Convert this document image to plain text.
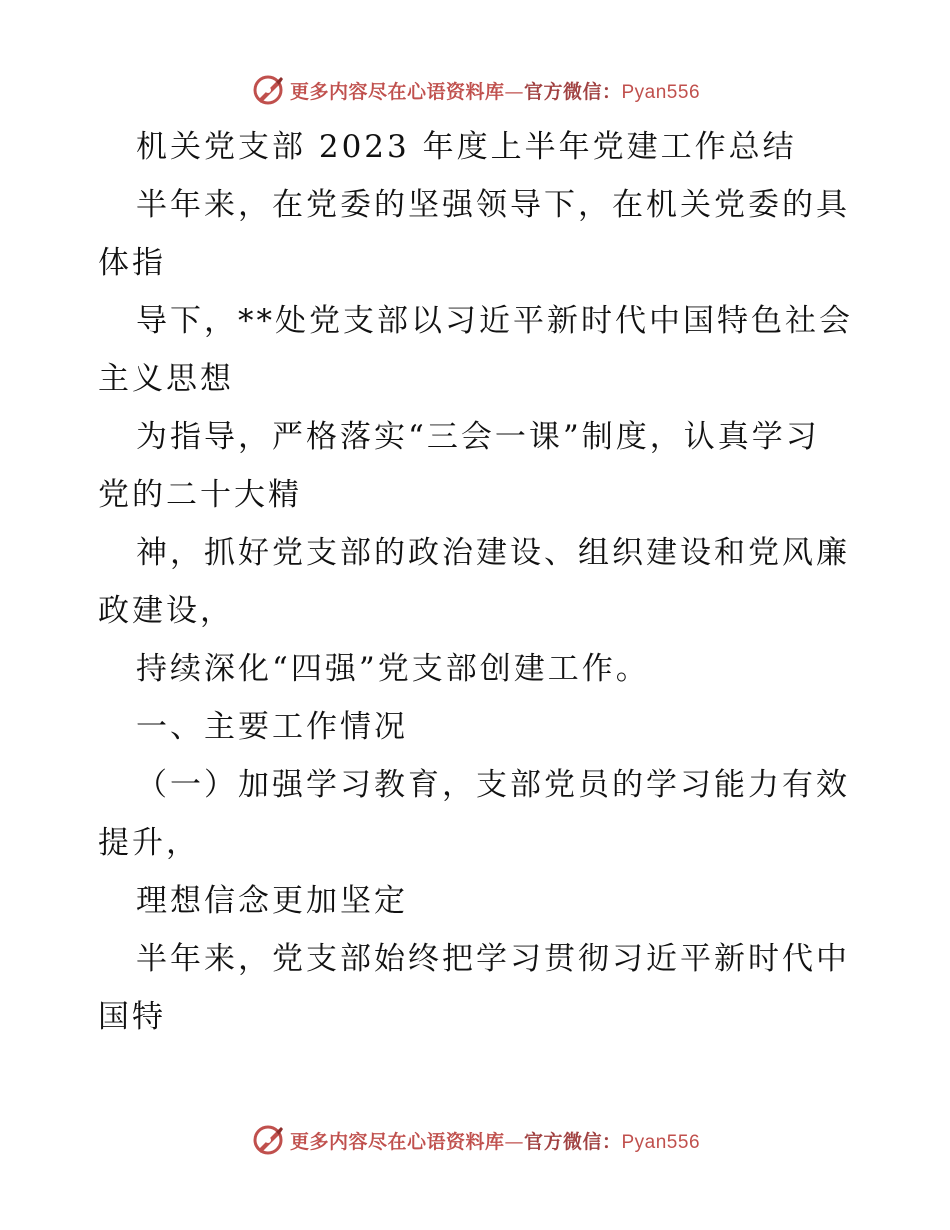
更多内容尽在心语资料库—官方微信：Pyan556
机关党支部 2023 年度上半年党建工作总结
半年来，在党委的坚强领导下，在机关党委的具
体指
导下，**处党支部以习近平新时代中国特色社会
主义思想
为指导，严格落实“三会一课”制度，认真学习
党的二十大精
神，抓好党支部的政治建设、组织建设和党风廉
政建设，
持续深化“四强”党支部创建工作。
一、主要工作情况
（一）加强学习教育，支部党员的学习能力有效
提升，
理想信念更加坚定
半年来，党支部始终把学习贯彻习近平新时代中
国特
更多内容尽在心语资料库—官方微信：Pyan556
